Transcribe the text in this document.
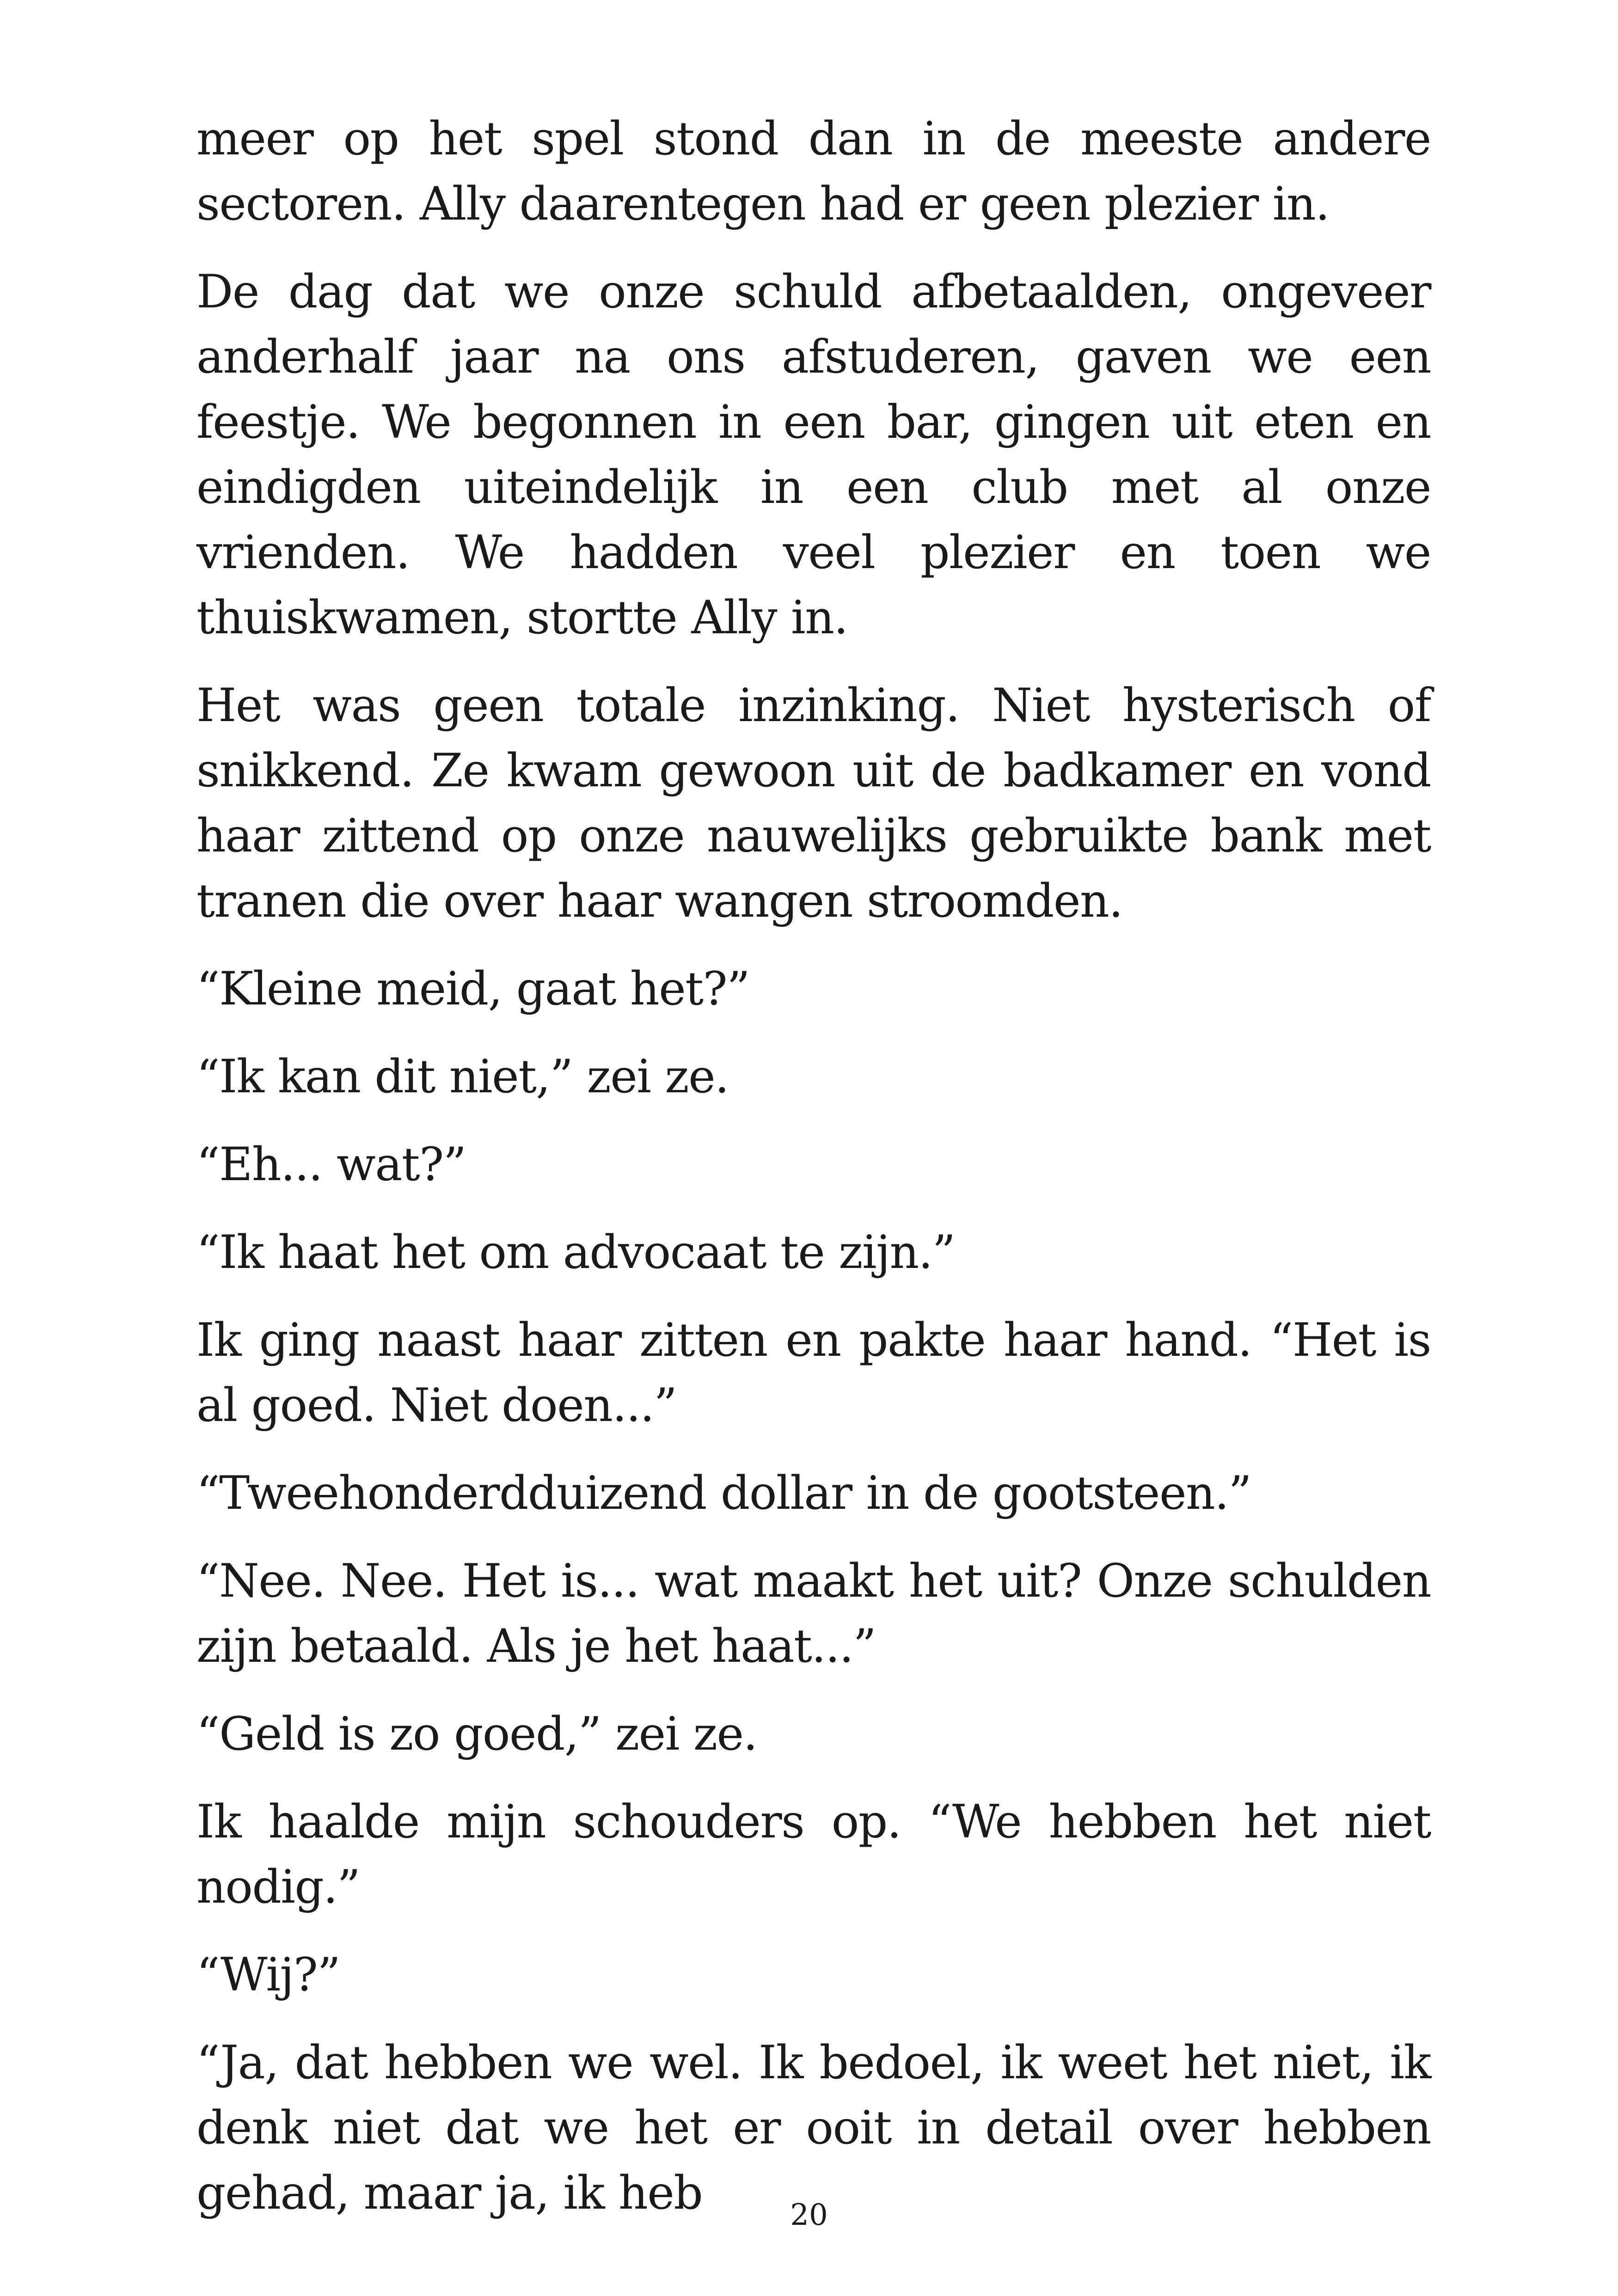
meer op het spel stond dan in de meeste andere sectoren. Ally daarentegen had er geen plezier in.

De dag dat we onze schuld afbetaalden, ongeveer anderhalf jaar na ons afstuderen, gaven we een feestje. We begonnen in een bar, gingen uit eten en eindigden uiteindelijk in een club met al onze vrienden. We hadden veel plezier en toen we thuiskwamen, stortte Ally in.

Het was geen totale inzinking. Niet hysterisch of snikkend. Ze kwam gewoon uit de badkamer en vond haar zittend op onze nauwelijks gebruikte bank met tranen die over haar wangen stroomden.

“Kleine meid, gaat het?”

“Ik kan dit niet,” zei ze.

“Eh... wat?”

“Ik haat het om advocaat te zijn.”

Ik ging naast haar zitten en pakte haar hand. “Het is al goed. Niet doen...”

“Tweehonderdduizend dollar in de gootsteen.”

“Nee. Nee. Het is... wat maakt het uit? Onze schulden zijn betaald. Als je het haat...”

“Geld is zo goed,” zei ze.

Ik haalde mijn schouders op. “We hebben het niet nodig.”

“Wij?”

“Ja, dat hebben we wel. Ik bedoel, ik weet het niet, ik denk niet dat we het er ooit in detail over hebben gehad, maar ja, ik heb	20
